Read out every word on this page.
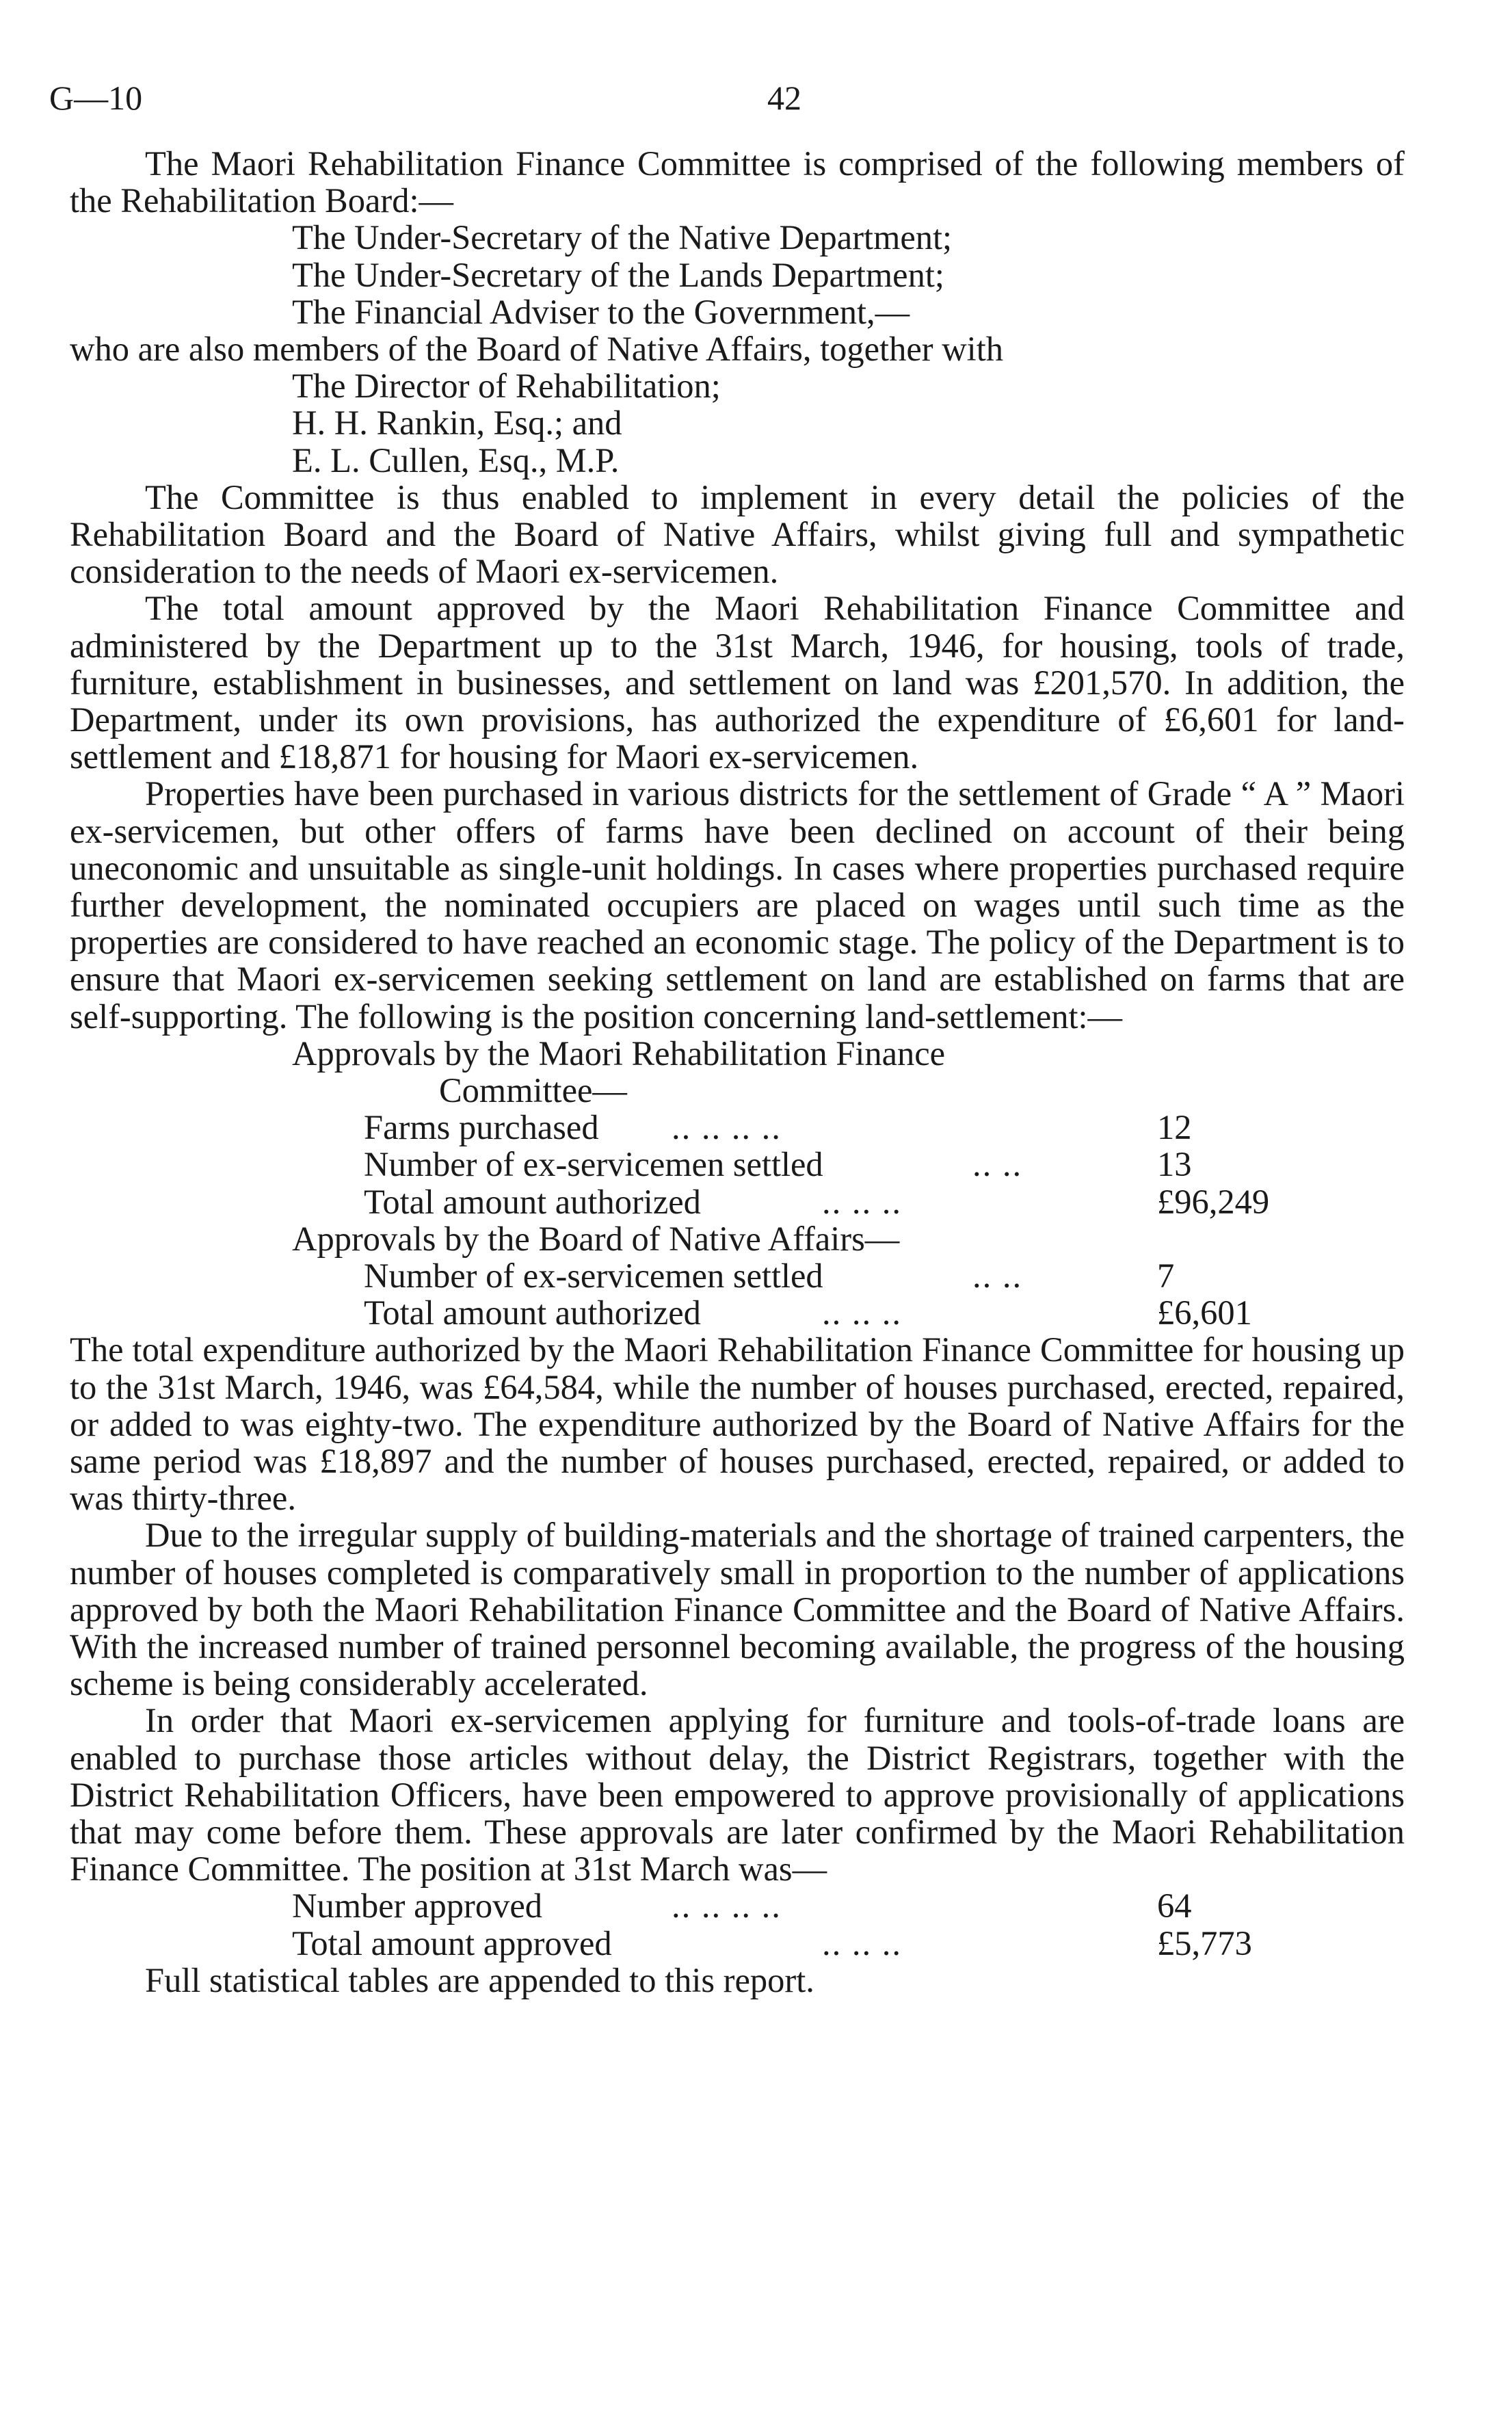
G—10	42

The Maori Rehabilitation Finance Committee is comprised of the following members of the Rehabilitation Board:—

The Under-Secretary of the Native Department;
The Under-Secretary of the Lands Department;
The Financial Adviser to the Government,—
who are also members of the Board of Native Affairs, together with
The Director of Rehabilitation;
H. H. Rankin, Esq.; and
E. L. Cullen, Esq., M.P.

The Committee is thus enabled to implement in every detail the policies of the Rehabilitation Board and the Board of Native Affairs, whilst giving full and sympathetic consideration to the needs of Maori ex-servicemen.

The total amount approved by the Maori Rehabilitation Finance Committee and administered by the Department up to the 31st March, 1946, for housing, tools of trade, furniture, establishment in businesses, and settlement on land was £201,570. In addition, the Department, under its own provisions, has authorized the expenditure of £6,601 for land-settlement and £18,871 for housing for Maori ex-servicemen.

Properties have been purchased in various districts for the settlement of Grade “ A ” Maori ex-servicemen, but other offers of farms have been declined on account of their being uneconomic and unsuitable as single-unit holdings. In cases where properties purchased require further development, the nominated occupiers are placed on wages until such time as the properties are considered to have reached an economic stage. The policy of the Department is to ensure that Maori ex-servicemen seeking settlement on land are established on farms that are self-supporting. The following is the position concerning land-settlement:—

Approvals by the Maori Rehabilitation Finance
Committee—
Farms purchased .. .. .. ..	12
Number of ex-servicemen settled	.. ..	13
Total amount authorized	.. .. ..	£96,249
Approvals by the Board of Native Affairs—
Number of ex-servicemen settled	.. ..	7
Total amount authorized	.. .. ..	£6,601

The total expenditure authorized by the Maori Rehabilitation Finance Committee for housing up to the 31st March, 1946, was £64,584, while the number of houses purchased, erected, repaired, or added to was eighty-two. The expenditure authorized by the Board of Native Affairs for the same period was £18,897 and the number of houses purchased, erected, repaired, or added to was thirty-three.

Due to the irregular supply of building-materials and the shortage of trained carpenters, the number of houses completed is comparatively small in proportion to the number of applications approved by both the Maori Rehabilitation Finance Committee and the Board of Native Affairs. With the increased number of trained personnel becoming available, the progress of the housing scheme is being considerably accelerated.

In order that Maori ex-servicemen applying for furniture and tools-of-trade loans are enabled to purchase those articles without delay, the District Registrars, together with the District Rehabilitation Officers, have been empowered to approve provisionally of applications that may come before them. These approvals are later confirmed by the Maori Rehabilitation Finance Committee. The position at 31st March was—

Number approved	.. .. .. ..	64
Total amount approved	.. .. ..	£5,773

Full statistical tables are appended to this report.
